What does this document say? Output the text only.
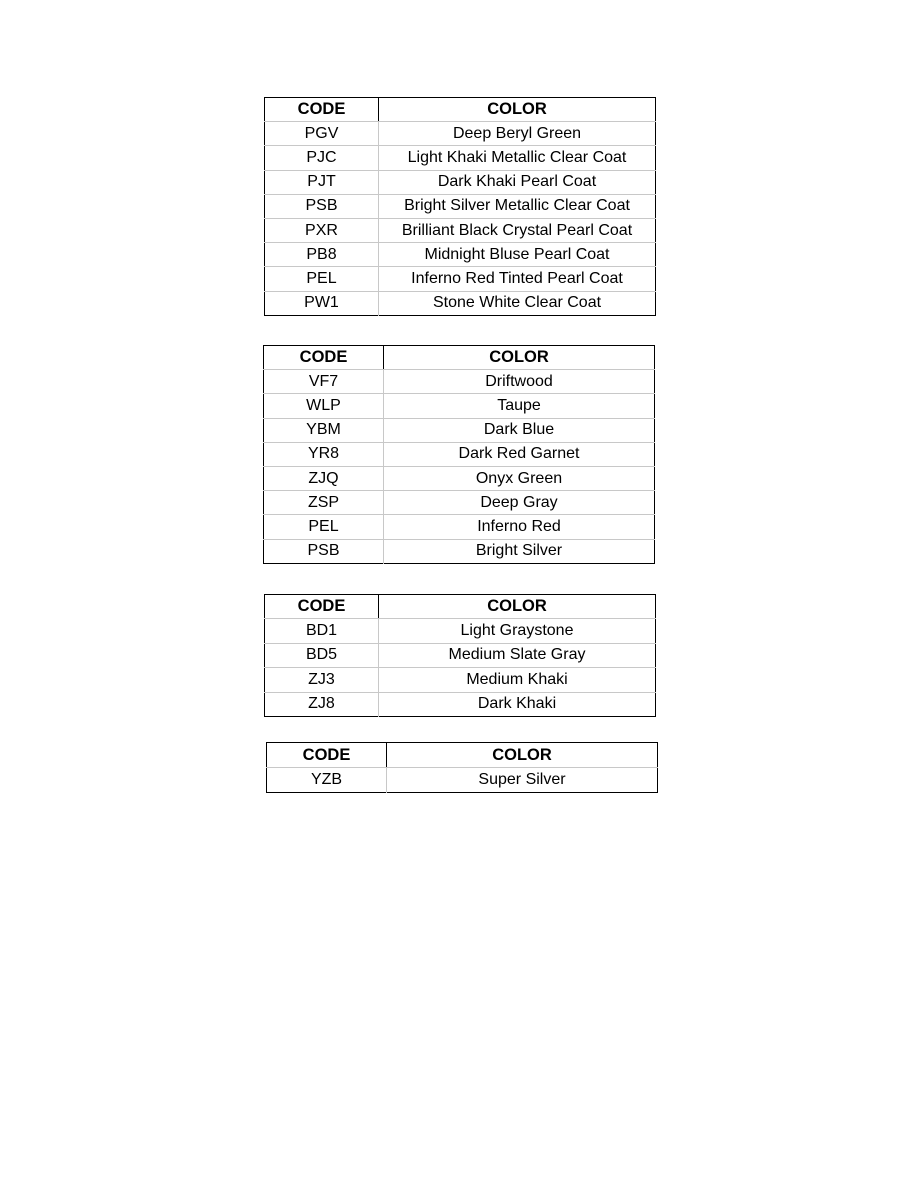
CODE	COLOR
PGV	Deep Beryl Green
PJC	Light Khaki Metallic Clear Coat
PJT	Dark Khaki Pearl Coat
PSB	Bright Silver Metallic Clear Coat
PXR	Brilliant Black Crystal Pearl Coat
PB8	Midnight Bluse Pearl Coat
PEL	Inferno Red Tinted Pearl Coat
PW1	Stone White Clear Coat
CODE	COLOR
VF7	Driftwood
WLP	Taupe
YBM	Dark Blue
YR8	Dark Red Garnet
ZJQ	Onyx Green
ZSP	Deep Gray
PEL	Inferno Red
PSB	Bright Silver
CODE	COLOR
BD1	Light Graystone
BD5	Medium Slate Gray
ZJ3	Medium Khaki
ZJ8	Dark Khaki
CODE	COLOR
YZB	Super Silver
